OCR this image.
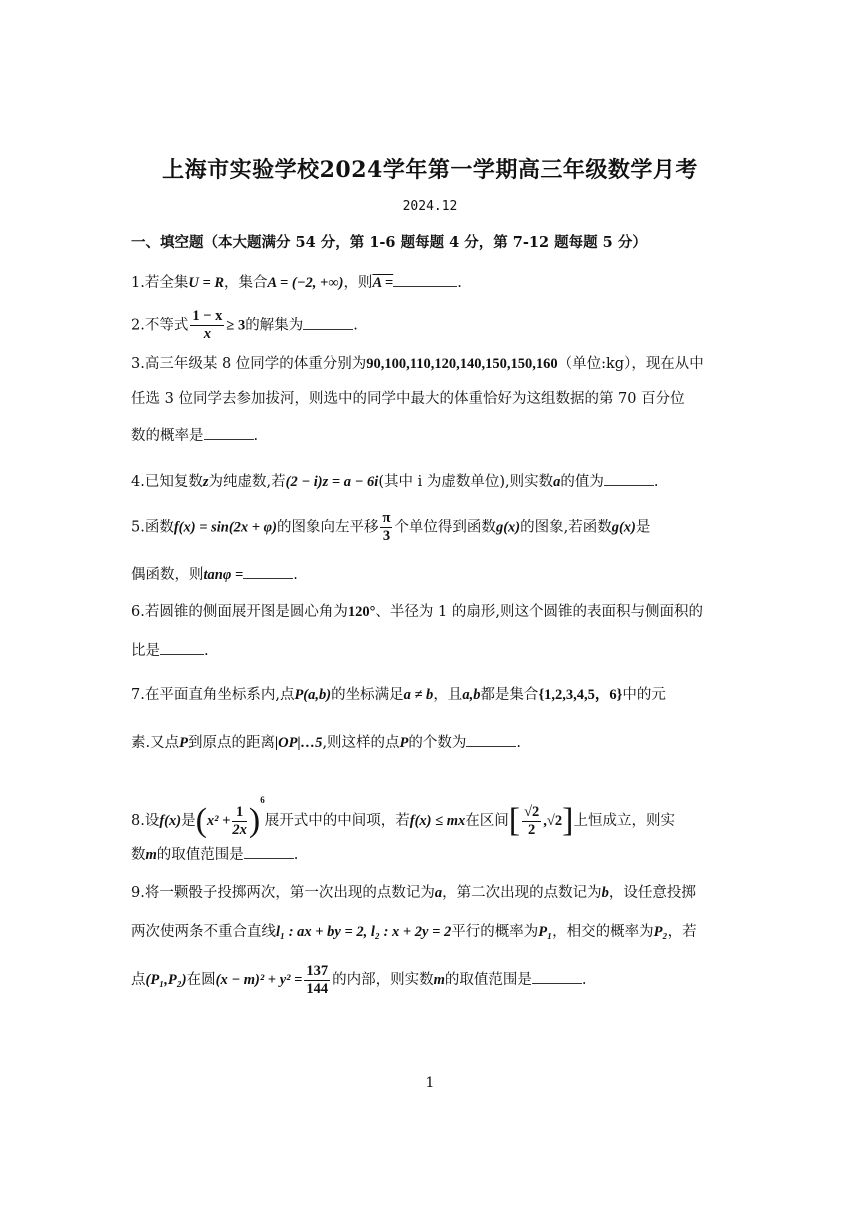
上海市实验学校2024学年第一学期高三年级数学月考
2024.12
一、填空题（本大题满分 54 分，第 1-6 题每题 4 分，第 7-12 题每题 5 分）
1.若全集U = R，集合A = (−2, +∞)，则A =	.
2.不等式 $\frac{1 - x}{x} \ge 3$的解集为	.
3.高三年级某 8 位同学的体重分别为90,100,110,120,140,150,150,160（单位:kg），现在从中
任选 3 位同学去参加拔河，则选中的同学中最大的体重恰好为这组数据的第 70 百分位
数的概率是	.
4.已知复数z为纯虚数,若(2 − i)z = a − 6i(其中 i 为虚数单位),则实数a的值为	.
5.函数f(x) = sin(2x + φ)的图象向左平移 $\frac{\pi}{3}$ 个单位得到函数g(x)的图象,若函数g(x)是
偶函数，则tanφ =	.
6.若圆锥的侧面展开图是圆心角为120°、半径为 1 的扇形,则这个圆锥的表面积与侧面积的
比是	.
7.在平面直角坐标系内,点P(a,b)的坐标满足a ≠ b，且a,b都是集合{1,2,3,4,5，6}中的元
素.又点P到原点的距离|OP|…5,则这样的点P的个数为	.
8.设f(x)是$(x^2 + \frac{1}{2x} )^6$展开式中的中间项，若f(x) ≤ mx在区间[ $\frac{√2}{2} ,√2$]上恒成立，则实
数m的取值范围是	.
9.将一颗骰子投掷两次，第一次出现的点数记为a，第二次出现的点数记为b，设任意投掷
两次使两条不重合直线l₁ : ax + by = 2, l₂ : x + 2y = 2平行的概率为P₁，相交的概率为P₂，若
点(P₁,P₂)在圆$(x - m)^2 + y^2 = \frac{137}{144}$ 的内部，则实数m的取值范围是	.
1
